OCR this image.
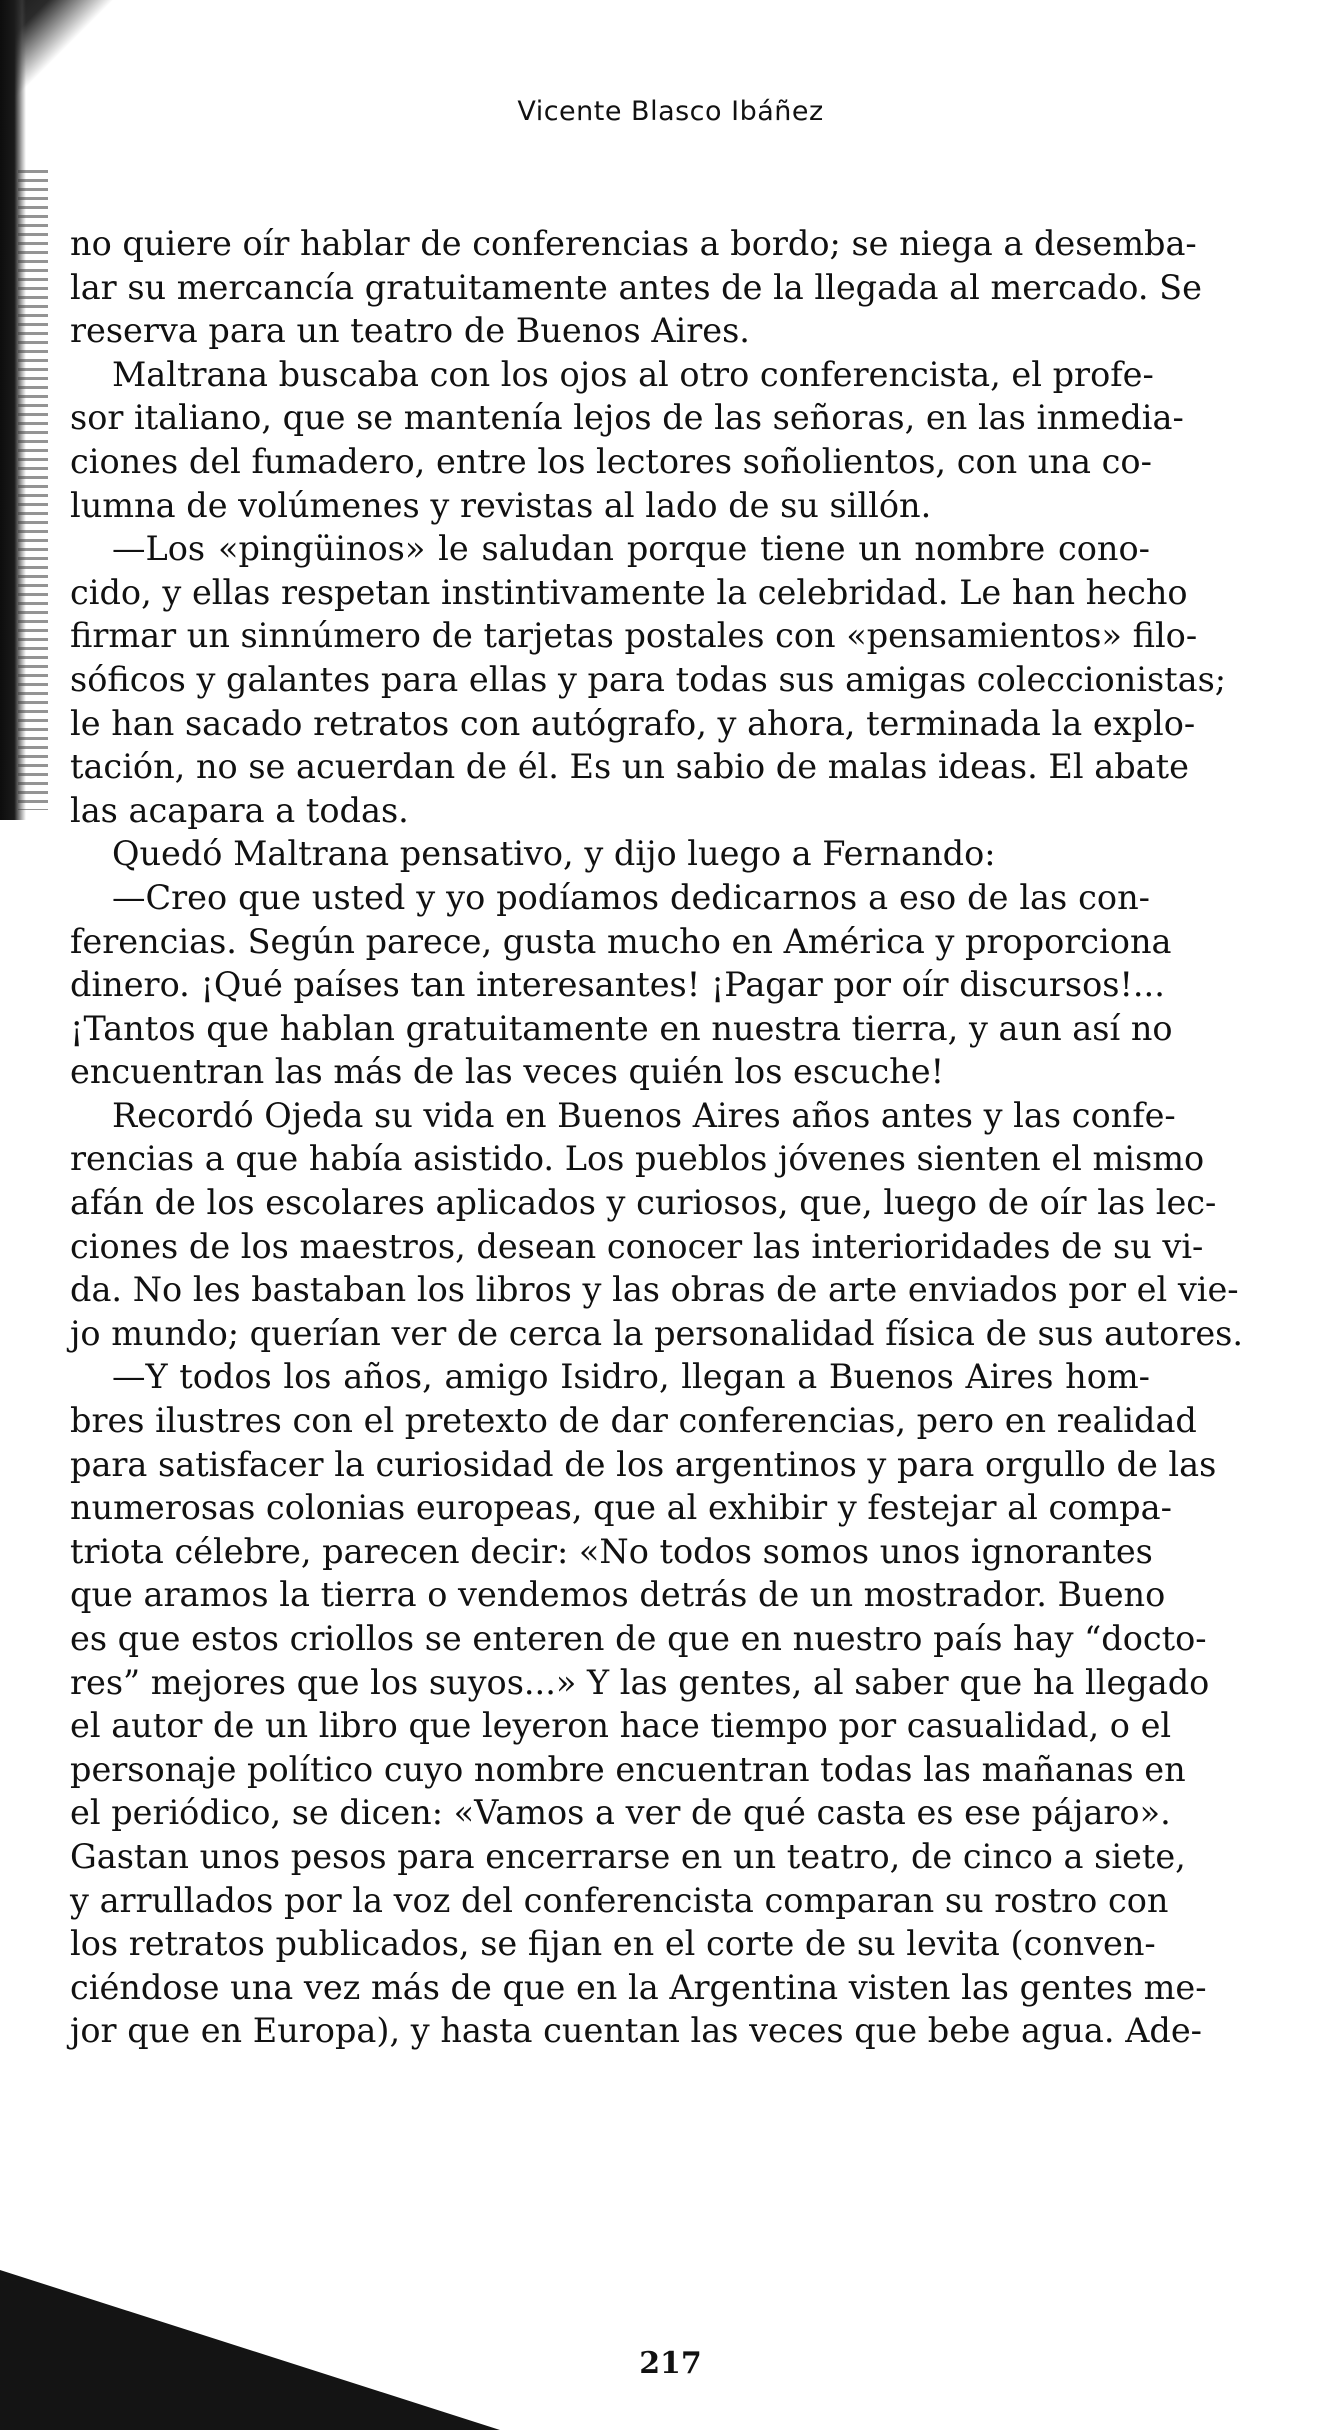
Vicente Blasco Ibáñez
no quiere oír hablar de conferencias a bordo; se niega a desemba-
lar su mercancía gratuitamente antes de la llegada al mercado. Se
reserva para un teatro de Buenos Aires.
Maltrana buscaba con los ojos al otro conferencista, el profe-
sor italiano, que se mantenía lejos de las señoras, en las inmedia-
ciones del fumadero, entre los lectores soñolientos, con una co-
lumna de volúmenes y revistas al lado de su sillón.
—Los «pingüinos» le saludan porque tiene un nombre cono-
cido, y ellas respetan instintivamente la celebridad. Le han hecho
firmar un sinnúmero de tarjetas postales con «pensamientos» filo-
sóficos y galantes para ellas y para todas sus amigas coleccionistas;
le han sacado retratos con autógrafo, y ahora, terminada la explo-
tación, no se acuerdan de él. Es un sabio de malas ideas. El abate
las acapara a todas.
Quedó Maltrana pensativo, y dijo luego a Fernando:
—Creo que usted y yo podíamos dedicarnos a eso de las con-
ferencias. Según parece, gusta mucho en América y proporciona
dinero. ¡Qué países tan interesantes! ¡Pagar por oír discursos!...
¡Tantos que hablan gratuitamente en nuestra tierra, y aun así no
encuentran las más de las veces quién los escuche!
Recordó Ojeda su vida en Buenos Aires años antes y las confe-
rencias a que había asistido. Los pueblos jóvenes sienten el mismo
afán de los escolares aplicados y curiosos, que, luego de oír las lec-
ciones de los maestros, desean conocer las interioridades de su vi-
da. No les bastaban los libros y las obras de arte enviados por el vie-
jo mundo; querían ver de cerca la personalidad física de sus autores.
—Y todos los años, amigo Isidro, llegan a Buenos Aires hom-
bres ilustres con el pretexto de dar conferencias, pero en realidad
para satisfacer la curiosidad de los argentinos y para orgullo de las
numerosas colonias europeas, que al exhibir y festejar al compa-
triota célebre, parecen decir: «No todos somos unos ignorantes
que aramos la tierra o vendemos detrás de un mostrador. Bueno
es que estos criollos se enteren de que en nuestro país hay “docto-
res” mejores que los suyos...» Y las gentes, al saber que ha llegado
el autor de un libro que leyeron hace tiempo por casualidad, o el
personaje político cuyo nombre encuentran todas las mañanas en
el periódico, se dicen: «Vamos a ver de qué casta es ese pájaro».
Gastan unos pesos para encerrarse en un teatro, de cinco a siete,
y arrullados por la voz del conferencista comparan su rostro con
los retratos publicados, se fijan en el corte de su levita (conven-
ciéndose una vez más de que en la Argentina visten las gentes me-
jor que en Europa), y hasta cuentan las veces que bebe agua. Ade-
217
